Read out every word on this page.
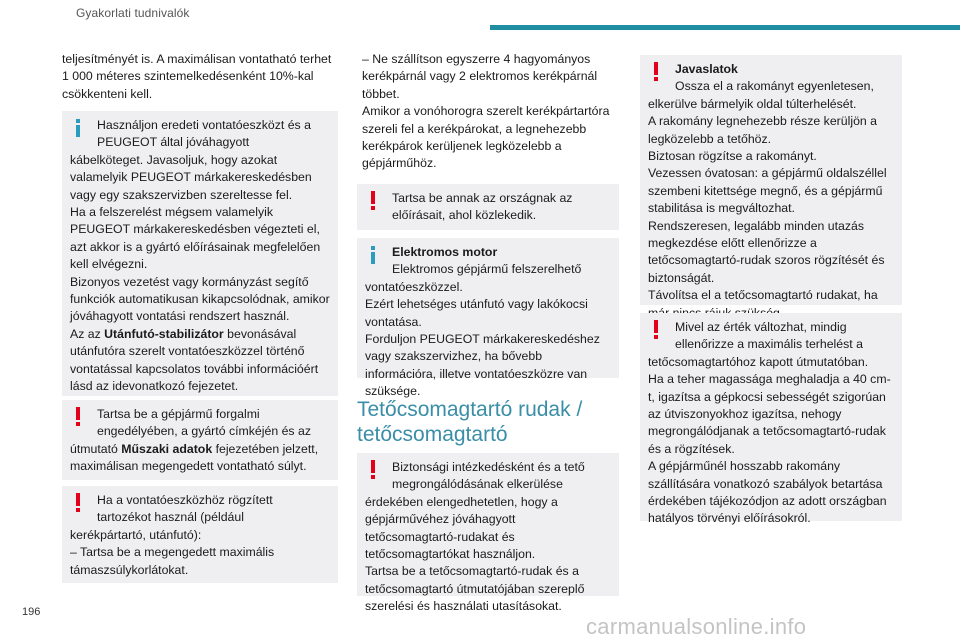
Gyakorlati tudnivalók

teljesítményét is. A maximálisan vontatható terhet 1 000 méteres szintemelkedésenként 10%-kal csökkenteni kell.

Használjon eredeti vontatóeszközt és a PEUGEOT által jóváhagyott
kábelköteget. Javasoljuk, hogy azokat valamelyik PEUGEOT márkakereskedésben vagy egy szakszervizben szereltesse fel.
Ha a felszerelést mégsem valamelyik PEUGEOT márkakereskedésben végezteti el, azt akkor is a gyártó előírásainak megfelelően kell elvégezni.
Bizonyos vezetést vagy kormányzást segítő funkciók automatikusan kikapcsolódnak, amikor jóváhagyott vontatási rendszert használ.
Az az Utánfutó-stabilizátor bevonásával utánfutóra szerelt vontatóeszközzel történő vontatással kapcsolatos további információért lásd az idevonatkozó fejezetet.
Tartsa be a gépjármű forgalmi engedélyében, a gyártó címkéjén és az
útmutató Műszaki adatok fejezetében jelzett, maximálisan megengedett vontatható súlyt.
Ha a vontatóeszközhöz rögzített tartozékot használ (például
kerékpártartó, utánfutó):
– Tartsa be a megengedett maximális támaszsúlykorlátokat.

– Ne szállítson egyszerre 4 hagyományos kerékpárnál vagy 2 elektromos kerékpárnál többet.
Amikor a vonóhorogra szerelt kerékpártartóra szereli fel a kerékpárokat, a legnehezebb kerékpárok kerüljenek legközelebb a gépjárműhöz.

Tartsa be annak az országnak az előírásait, ahol közlekedik.
Elektromos motor
Elektromos gépjármű felszerelhető
vontatóeszközzel.
Ezért lehetséges utánfutó vagy lakókocsi vontatása.
Forduljon PEUGEOT márkakereskedéshez vagy szakszervizhez, ha bővebb információra, illetve vontatóeszközre van szüksége.
Tetőcsomagtartó rudak / tetőcsomagtartó
Biztonsági intézkedésként és a tető megrongálódásának elkerülése
érdekében elengedhetetlen, hogy a gépjárművéhez jóváhagyott tetőcsomagtartó-rudakat és tetőcsomagtartókat használjon.
Tartsa be a tetőcsomagtartó-rudak és a tetőcsomagtartó útmutatójában szereplő szerelési és használati utasításokat.
Javaslatok
Ossza el a rakományt egyenletesen,
elkerülve bármelyik oldal túlterhelését.
A rakomány legnehezebb része kerüljön a legközelebb a tetőhöz.
Biztosan rögzítse a rakományt.
Vezessen óvatosan: a gépjármű oldalszéllel szembeni kitettsége megnő, és a gépjármű stabilitása is megváltozhat.
Rendszeresen, legalább minden utazás megkezdése előtt ellenőrizze a tetőcsomagtartó-rudak szoros rögzítését és biztonságát.
Távolítsa el a tetőcsomagtartó rudakat, ha
Mivel az érték változhat, mindig ellenőrizze a maximális terhelést a
tetőcsomagtartóhoz kapott útmutatóban.
Ha a teher magassága meghaladja a 40 cm-t, igazítsa a gépkocsi sebességét szigorúan az útviszonyokhoz igazítsa, nehogy megrongálódjanak a tetőcsomagtartó-rudak és a rögzítések.
A gépjárműnél hosszabb rakomány szállítására vonatkozó szabályok betartása érdekében tájékozódjon az adott országban hatályos törvényi előírásokról.
196
carmanualsonline.info
